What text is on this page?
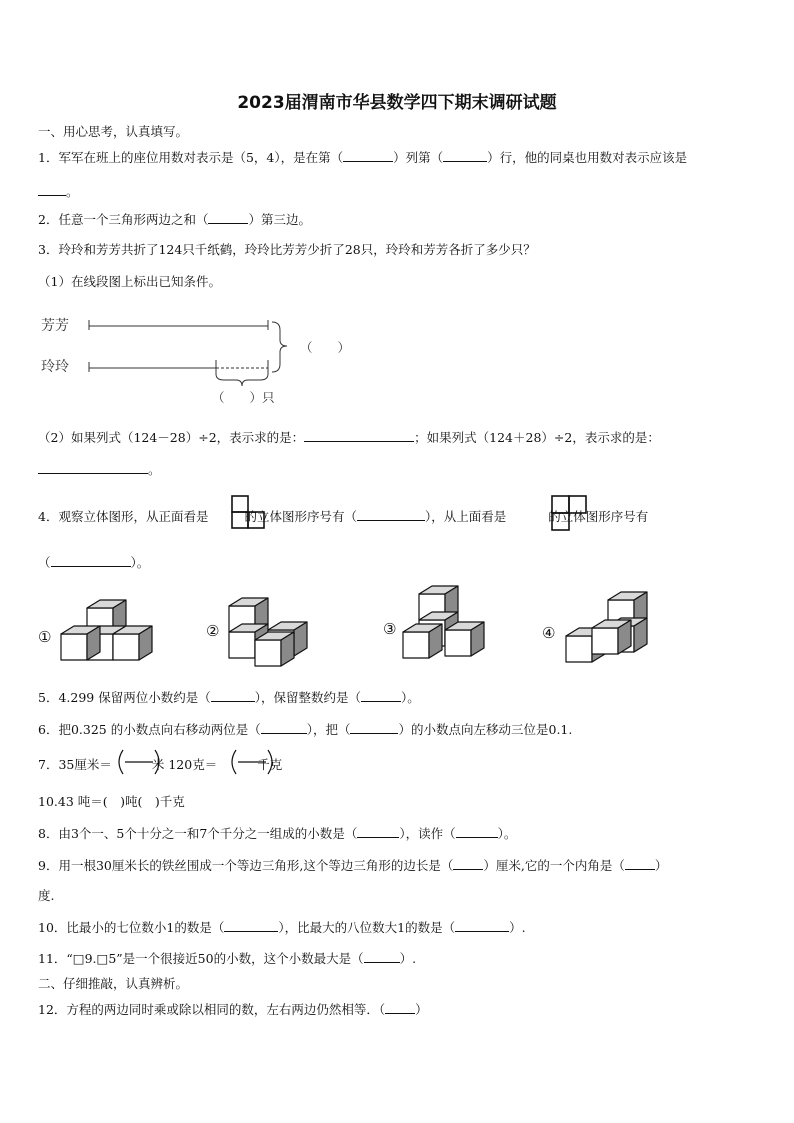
2023届渭南市华县数学四下期末调研试题
一、用心思考，认真填写。
1．军军在班上的座位用数对表示是（5，4），是在第（	）列第（	）行，他的同桌也用数对表示应该是
。
2．任意一个三角形两边之和（	）第三边。
3．玲玲和芳芳共折了124只千纸鹤，玲玲比芳芳少折了28只，玲玲和芳芳各折了多少只？
（1）在线段图上标出已知条件。
芳芳
玲玲
（　　）
（　　）只
（2）如果列式（124－28）÷2，表示求的是：	；如果列式（124＋28）÷2，表示求的是：
。
4．观察立体图形，从正面看是	的立体图形序号有（	），从上面看是	的立体图形序号有
（	）。
①	②	③	④
5．4.299 保留两位小数约是（	），保留整数约是（	）。
6．把0.325 的小数点向右移动两位是（	），把（	）的小数点向左移动三位是0.1.
7．35厘米＝	米 120克＝	千克
10.43 吨＝(　)吨(　)千克
8．由3个一、5个十分之一和7个千分之一组成的小数是（	），读作（	）。
9．用一根30厘米长的铁丝围成一个等边三角形,这个等边三角形的边长是（ ）厘米,它的一个内角是（ ）
度.
10．比最小的七位数小1的数是（	），比最大的八位数大1的数是（	）.
11．“□9.□5”是一个很接近50的小数，这个小数最大是（	）.
二、仔细推敲，认真辨析。
12．方程的两边同时乘或除以相同的数，左右两边仍然相等．（ ）
